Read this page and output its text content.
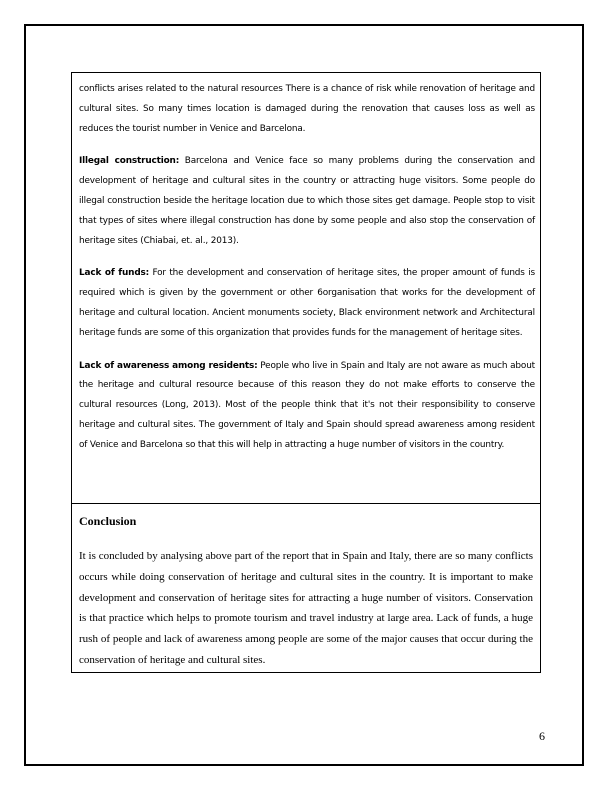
conflicts arises related to the natural resources There is a chance of risk while renovation of heritage and cultural sites. So many times location is damaged during the renovation that causes loss as well as reduces the tourist number in Venice and Barcelona.

Illegal construction: Barcelona and Venice face so many problems during the conservation and development of heritage and cultural sites in the country or attracting huge visitors. Some people do illegal construction beside the heritage location due to which those sites get damage. People stop to visit that types of sites where illegal construction has done by some people and also stop the conservation of heritage sites (Chiabai, et. al., 2013).

Lack of funds: For the development and conservation of heritage sites, the proper amount of funds is required which is given by the government or other 6organisation that works for the development of heritage and cultural location. Ancient monuments society, Black environment network and Architectural heritage funds are some of this organization that provides funds for the management of heritage sites.

Lack of awareness among residents: People who live in Spain and Italy are not aware as much about the heritage and cultural resource because of this reason they do not make efforts to conserve the cultural resources (Long, 2013). Most of the people think that it's not their responsibility to conserve heritage and cultural sites. The government of Italy and Spain should spread awareness among resident of Venice and Barcelona so that this will help in attracting a huge number of visitors in the country.

Conclusion

It is concluded by analysing above part of the report that in Spain and Italy, there are so many conflicts occurs while doing conservation of heritage and cultural sites in the country. It is important to make development and conservation of heritage sites for attracting a huge number of visitors. Conservation is that practice which helps to promote tourism and travel industry at large area. Lack of funds, a huge rush of people and lack of awareness among people are some of the major causes that occur during the conservation of heritage and cultural sites.

6
